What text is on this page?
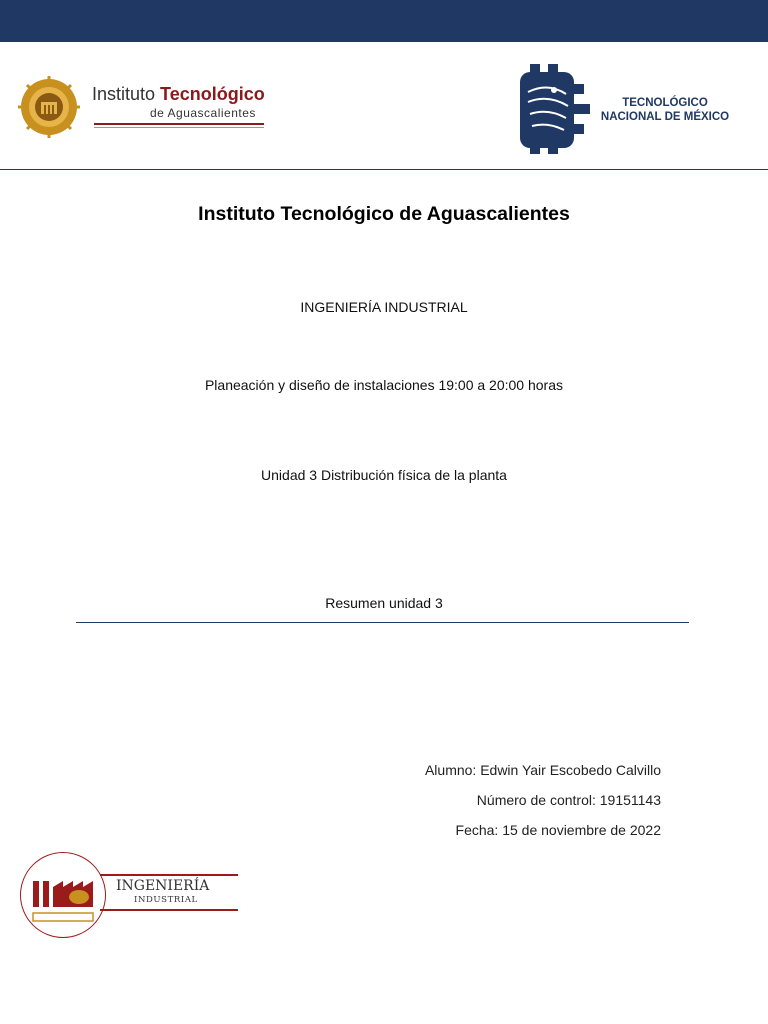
Instituto Tecnológico
de Aguascalientes
TECNOLÓGICO
NACIONAL DE MÉXICO
Instituto Tecnológico de Aguascalientes
INGENIERÍA INDUSTRIAL
Planeación y diseño de instalaciones 19:00 a 20:00 horas
Unidad 3 Distribución física de la planta
Resumen unidad 3
Alumno: Edwin Yair Escobedo Calvillo
Número de control: 19151143
Fecha: 15 de noviembre de 2022
INGENIERÍA
INDUSTRIAL
